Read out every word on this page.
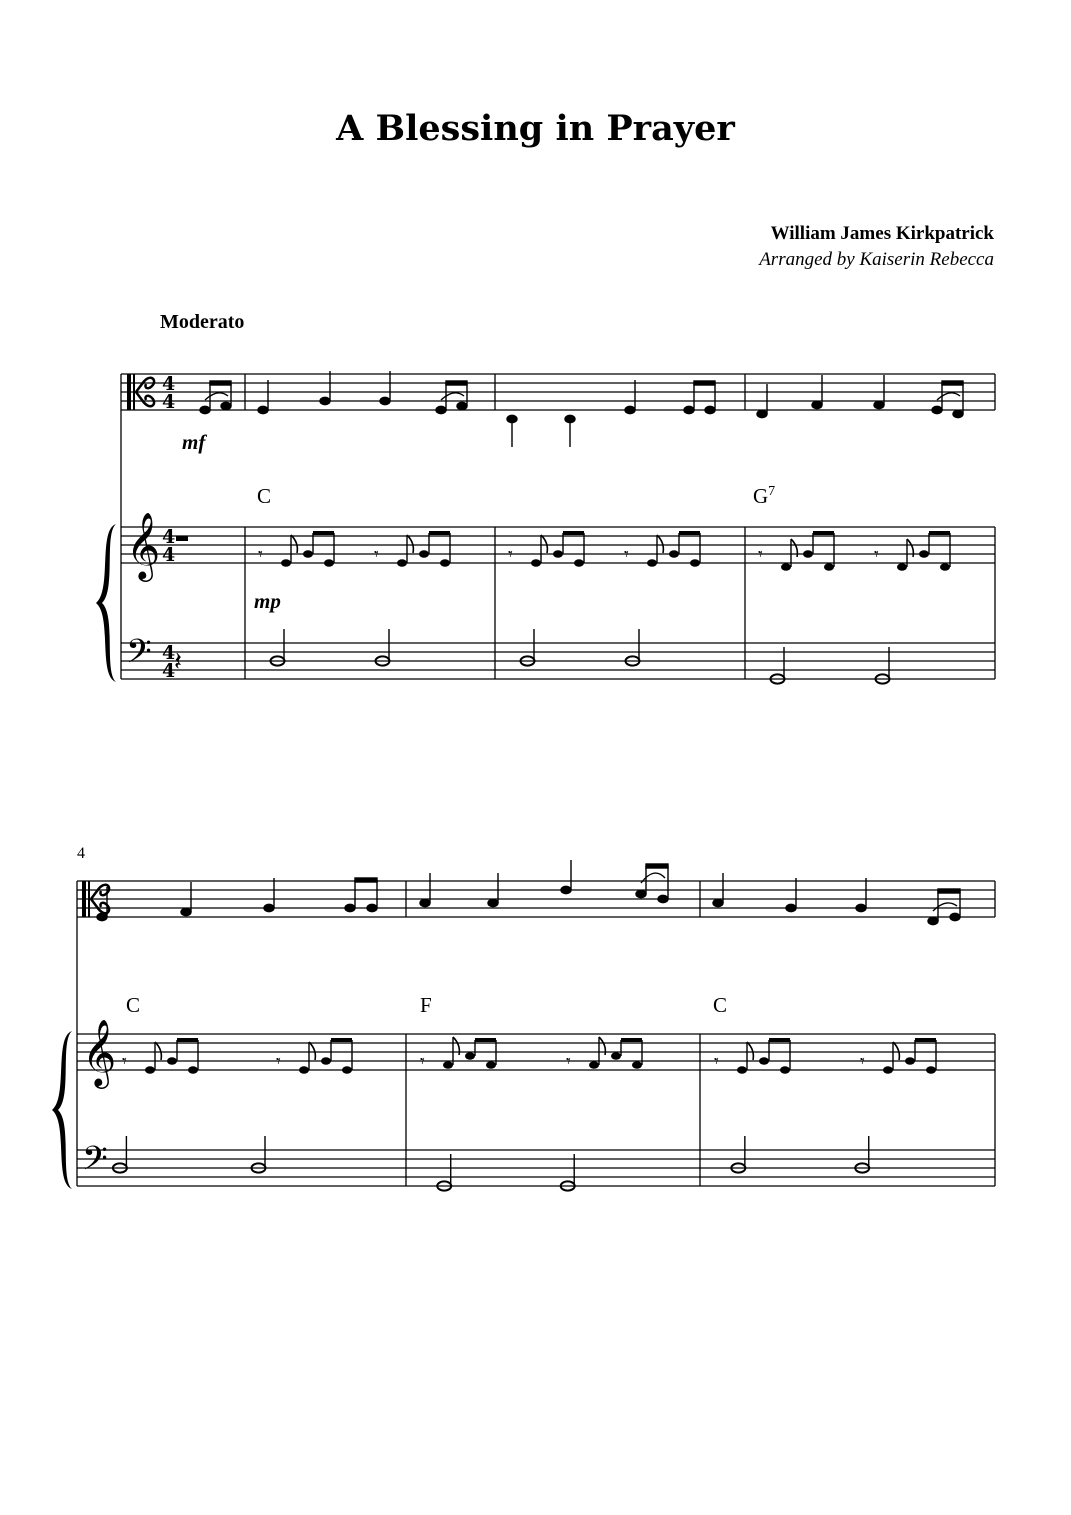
A Blessing in Prayer
William James Kirkpatrick
Arranged by Kaiserin Rebecca
Moderato
𝄞
𝄢
4
4
4
4
4
4
𝄞
𝄢
mf
mp
C	$G^7$
𝄾	𝄾	𝄾	𝄾	𝄾	𝄾
𝄽
4
C	F	C
𝄾	𝄾	𝄾	𝄾	𝄾	𝄾
